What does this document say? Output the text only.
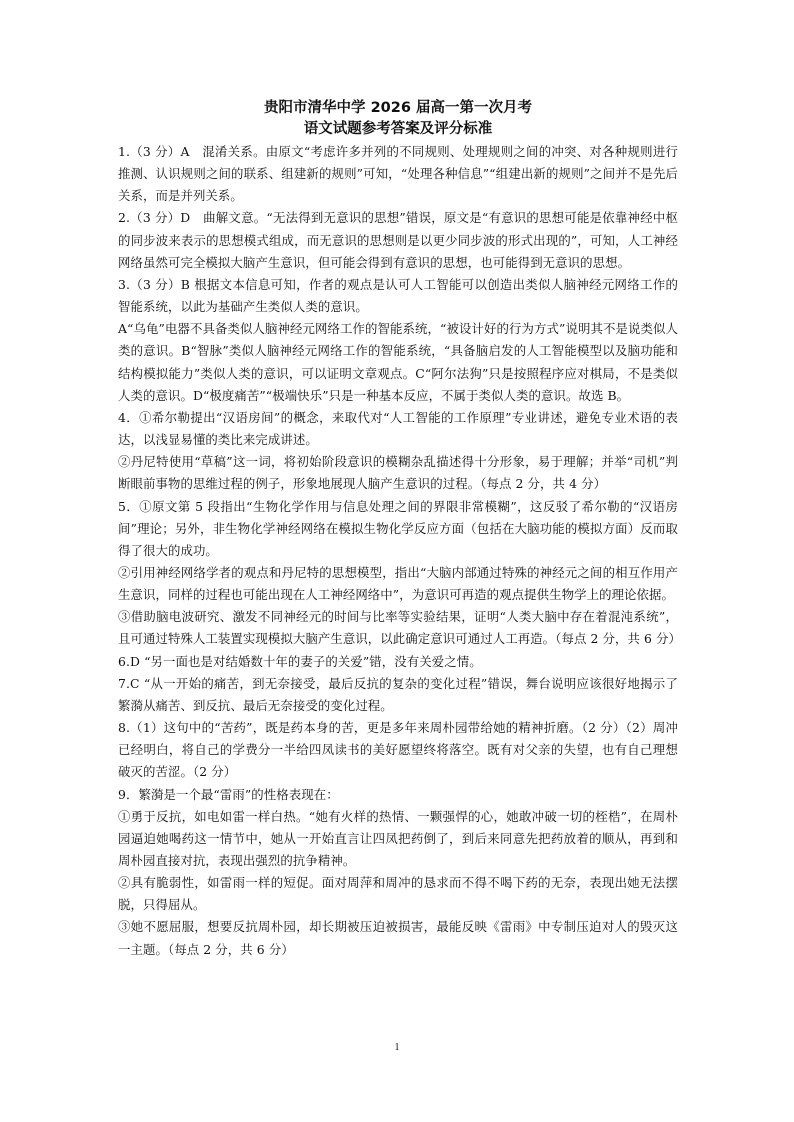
贵阳市清华中学 2026 届高一第一次月考
语文试题参考答案及评分标准

1.（3 分）A　混淆关系。由原文“考虑许多并列的不同规则、处理规则之间的冲突、对各种规则进行推测、认识规则之间的联系、组建新的规则”可知，“处理各种信息”“组建出新的规则”之间并不是先后关系，而是并列关系。

2.（3 分）D　曲解文意。“无法得到无意识的思想”错误，原文是“有意识的思想可能是依靠神经中枢的同步波来表示的思想模式组成，而无意识的思想则是以更少同步波的形式出现的”，可知，人工神经网络虽然可完全模拟大脑产生意识，但可能会得到有意识的思想，也可能得到无意识的思想。

3.（3 分）B 根据文本信息可知，作者的观点是认可人工智能可以创造出类似人脑神经元网络工作的智能系统，以此为基础产生类似人类的意识。

A“乌龟”电器不具备类似人脑神经元网络工作的智能系统，“被设计好的行为方式”说明其不是说类似人类的意识。B“智脉”类似人脑神经元网络工作的智能系统，“具备脑启发的人工智能模型以及脑功能和结构模拟能力”类似人类的意识，可以证明文章观点。C“阿尔法狗”只是按照程序应对棋局，不是类似人类的意识。D“极度痛苦”“极端快乐”只是一种基本反应，不属于类似人类的意识。故选 B。

4．①希尔勒提出“汉语房间”的概念，来取代对“人工智能的工作原理”专业讲述，避免专业术语的表达，以浅显易懂的类比来完成讲述。

②丹尼特使用“草稿”这一词，将初始阶段意识的模糊杂乱描述得十分形象，易于理解；并举“司机”判断眼前事物的思维过程的例子，形象地展现人脑产生意识的过程。（每点 2 分，共 4 分）

5．①原文第 5 段指出“生物化学作用与信息处理之间的界限非常模糊”，这反驳了希尔勒的“汉语房间”理论；另外，非生物化学神经网络在模拟生物化学反应方面（包括在大脑功能的模拟方面）反而取得了很大的成功。

②引用神经网络学者的观点和丹尼特的思想模型，指出“大脑内部通过特殊的神经元之间的相互作用产生意识，同样的过程也可能出现在人工神经网络中”，为意识可再造的观点提供生物学上的理论依据。

③借助脑电波研究、激发不同神经元的时间与比率等实验结果，证明“人类大脑中存在着混沌系统”，且可通过特殊人工装置实现模拟大脑产生意识，以此确定意识可通过人工再造。（每点 2 分，共 6 分）

6.D “另一面也是对结婚数十年的妻子的关爱”错，没有关爱之情。

7.C “从一开始的痛苦，到无奈接受，最后反抗的复杂的变化过程”错误，舞台说明应该很好地揭示了繁漪从痛苦、到反抗、最后无奈接受的变化过程。

8.（1）这句中的“苦药”，既是药本身的苦，更是多年来周朴园带给她的精神折磨。（2 分）（2）周冲已经明白，将自己的学费分一半给四凤读书的美好愿望终将落空。既有对父亲的失望，也有自己理想破灭的苦涩。（2 分）

9．繁漪是一个最“雷雨”的性格表现在：

①勇于反抗，如电如雷一样白热。“她有火样的热情、一颗强悍的心，她敢冲破一切的桎梏”，在周朴园逼迫她喝药这一情节中，她从一开始直言让四凤把药倒了，到后来同意先把药放着的顺从，再到和周朴园直接对抗，表现出强烈的抗争精神。

②具有脆弱性，如雷雨一样的短促。面对周萍和周冲的恳求而不得不喝下药的无奈，表现出她无法摆脱，只得屈从。

③她不愿屈服，想要反抗周朴园，却长期被压迫被损害，最能反映《雷雨》中专制压迫对人的毁灭这一主题。（每点 2 分，共 6 分）

1
